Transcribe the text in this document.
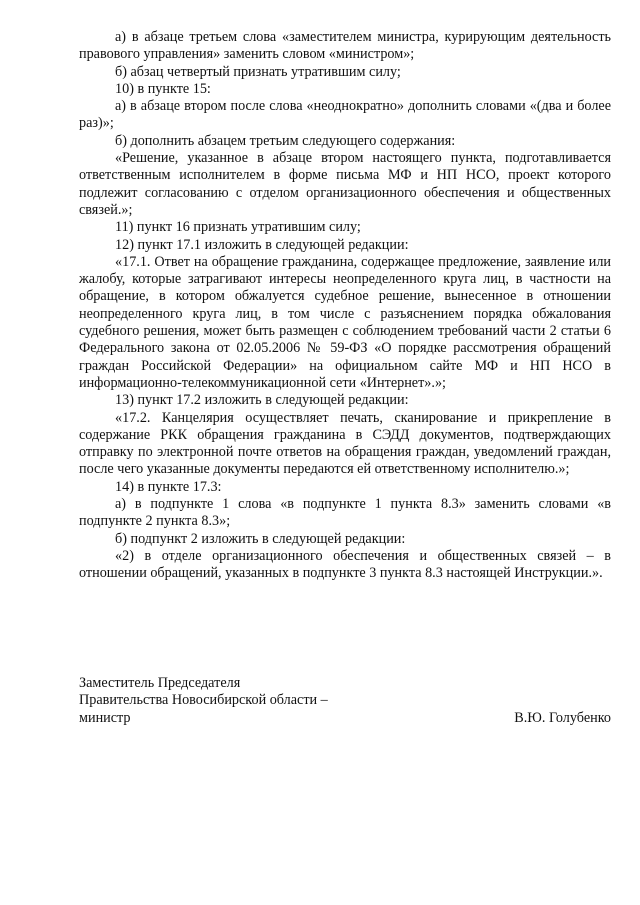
а) в абзаце третьем слова «заместителем министра, курирующим деятельность правового управления» заменить словом «министром»;

б) абзац четвертый признать утратившим силу;

10) в пункте 15:

а) в абзаце втором после слова «неоднократно» дополнить словами «(два и более раз)»;

б) дополнить абзацем третьим следующего содержания:

«Решение, указанное в абзаце втором настоящего пункта, подготавливается ответственным исполнителем в форме письма МФ и НП НСО, проект которого подлежит согласованию с отделом организационного обеспечения и общественных связей.»;

11) пункт 16 признать утратившим силу;

12) пункт 17.1 изложить в следующей редакции:

«17.1. Ответ на обращение гражданина, содержащее предложение, заявление или жалобу, которые затрагивают интересы неопределенного круга лиц, в частности на обращение, в котором обжалуется судебное решение, вынесенное в отношении неопределенного круга лиц, в том числе с разъяснением порядка обжалования судебного решения, может быть размещен с соблюдением требований части 2 статьи 6 Федерального закона от 02.05.2006 № 59-ФЗ «О порядке рассмотрения обращений граждан Российской Федерации» на официальном сайте МФ и НП НСО в информационно-телекоммуникационной сети «Интернет».»;

13) пункт 17.2 изложить в следующей редакции:

«17.2. Канцелярия осуществляет печать, сканирование и прикрепление в содержание РКК обращения гражданина в СЭДД документов, подтверждающих отправку по электронной почте ответов на обращения граждан, уведомлений граждан, после чего указанные документы передаются ей ответственному исполнителю.»;

14) в пункте 17.3:

а) в подпункте 1 слова «в подпункте 1 пункта 8.3» заменить словами «в подпункте 2 пункта 8.3»;

б) подпункт 2 изложить в следующей редакции:

«2) в отделе организационного обеспечения и общественных связей – в отношении обращений, указанных в подпункте 3 пункта 8.3 настоящей Инструкции.».

Заместитель Председателя
Правительства Новосибирской области –
министр	В.Ю. Голубенко
